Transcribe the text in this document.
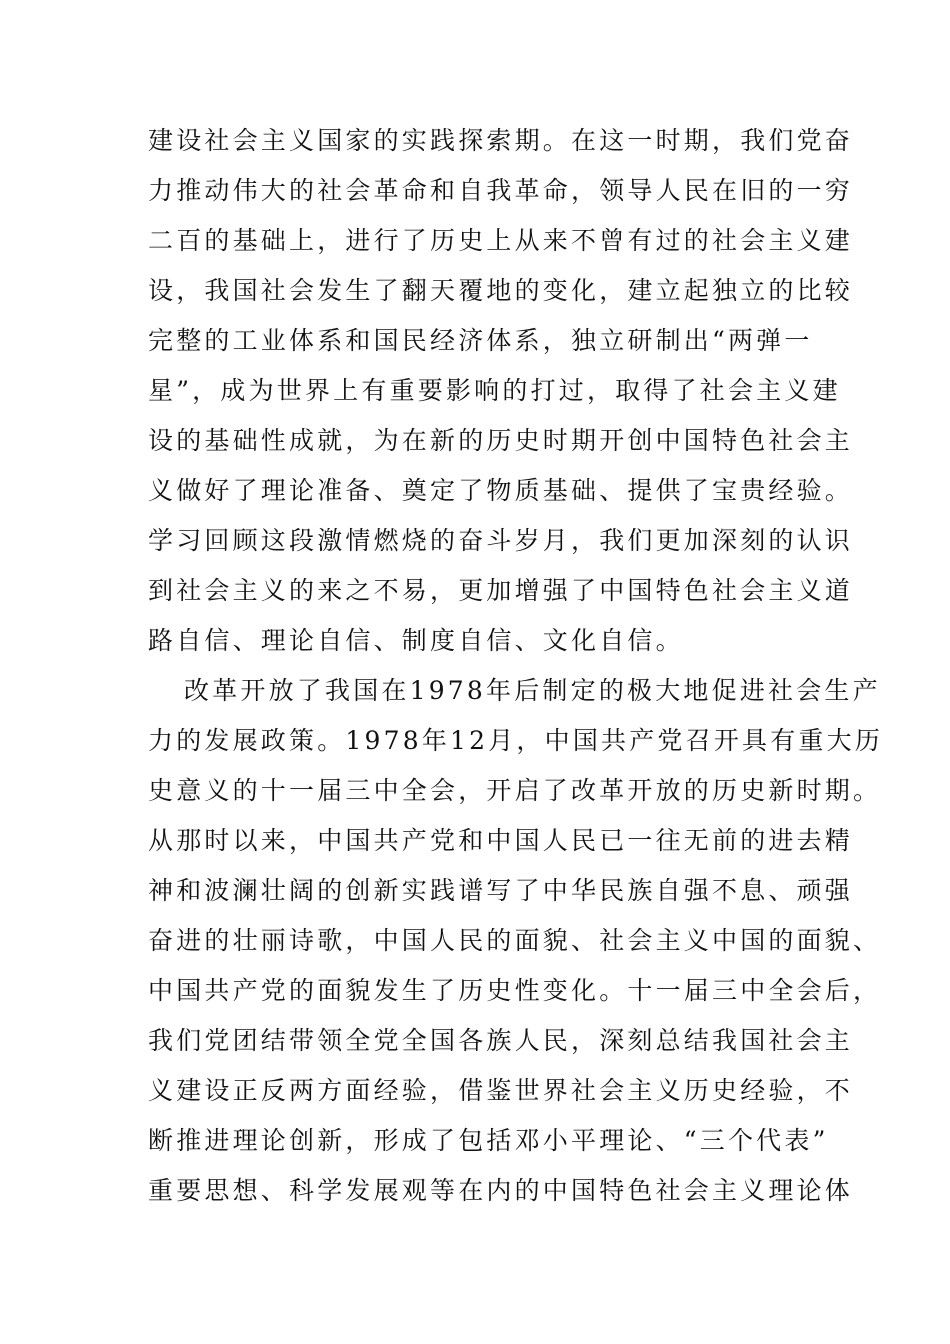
建设社会主义国家的实践探索期。在这一时期，我们党奋
力推动伟大的社会革命和自我革命，领导人民在旧的一穷
二百的基础上，进行了历史上从来不曾有过的社会主义建
设，我国社会发生了翻天覆地的变化，建立起独立的比较
完整的工业体系和国民经济体系，独立研制出“两弹一
星”，成为世界上有重要影响的打过，取得了社会主义建
设的基础性成就，为在新的历史时期开创中国特色社会主
义做好了理论准备、奠定了物质基础、提供了宝贵经验。
学习回顾这段激情燃烧的奋斗岁月，我们更加深刻的认识
到社会主义的来之不易，更加增强了中国特色社会主义道
路自信、理论自信、制度自信、文化自信。
改革开放了我国在1978年后制定的极大地促进社会生产
力的发展政策。1978年12月，中国共产党召开具有重大历
史意义的十一届三中全会，开启了改革开放的历史新时期。
从那时以来，中国共产党和中国人民已一往无前的进去精
神和波澜壮阔的创新实践谱写了中华民族自强不息、顽强
奋进的壮丽诗歌，中国人民的面貌、社会主义中国的面貌、
中国共产党的面貌发生了历史性变化。十一届三中全会后，
我们党团结带领全党全国各族人民，深刻总结我国社会主
义建设正反两方面经验，借鉴世界社会主义历史经验，不
断推进理论创新，形成了包括邓小平理论、“三个代表”
重要思想、科学发展观等在内的中国特色社会主义理论体
